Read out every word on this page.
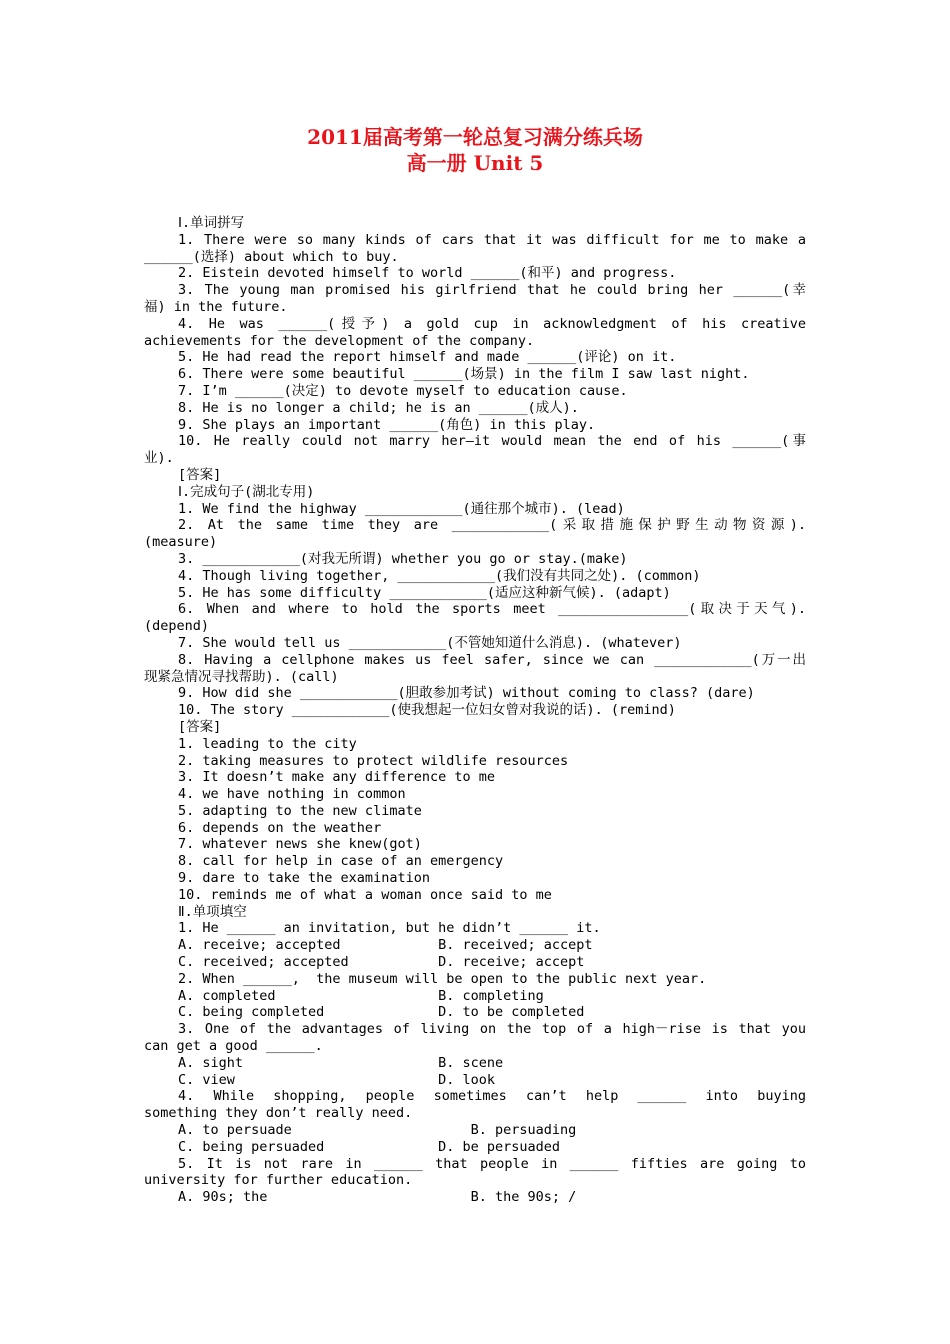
2011届高考第一轮总复习满分练兵场
高一册 Unit 5
Ⅰ.单词拼写
1. There were so many kinds of cars that it was difficult for me to make a
______(选择) about which to buy.
2. Eistein devoted himself to world ______(和平) and progress.
3. The young man promised his girlfriend that he could bring her ______(幸
福) in the future.
4. He was ______(授予) a gold cup in acknowledgment of his creative
achievements for the development of the company.
5. He had read the report himself and made ______(评论) on it.
6. There were some beautiful ______(场景) in the film I saw last night.
7. I’m ______(决定) to devote myself to education cause.
8. He is no longer a child; he is an ______(成人).
9. She plays an important ______(角色) in this play.
10. He really could not marry her—it would mean the end of his ______(事
业).
[答案]
Ⅰ.完成句子(湖北专用)
1. We find the highway ____________(通往那个城市). (lead)
2. At the same time they are ____________(采取措施保护野生动物资源).
(measure)
3. ____________(对我无所谓) whether you go or stay.(make)
4. Though living together, ____________(我们没有共同之处). (common)
5. He has some difficulty ____________(适应这种新气候). (adapt)
6. When and where to hold the sports meet ________________(取决于天气).
(depend)
7. She would tell us ____________(不管她知道什么消息). (whatever)
8. Having a cellphone makes us feel safer, since we can ____________(万一出
现紧急情况寻找帮助). (call)
9. How did she ____________(胆敢参加考试) without coming to class? (dare)
10. The story ____________(使我想起一位妇女曾对我说的话). (remind)
[答案]
1. leading to the city
2. taking measures to protect wildlife resources
3. It doesn’t make any difference to me
4. we have nothing in common
5. adapting to the new climate
6. depends on the weather
7. whatever news she knew(got)
8. call for help in case of an emergency
9. dare to take the examination
10. reminds me of what a woman once said to me
Ⅱ.单项填空
1. He ______ an invitation, but he didn’t ______ it.
A. receive; accepted            B. received; accept
C. received; accepted           D. receive; accept
2. When ______,  the museum will be open to the public next year.
A. completed                    B. completing
C. being completed              D. to be completed
3. One of the advantages of living on the top of a high－rise is that you
can get a good ______.
A. sight                        B. scene
C. view                         D. look
4. While shopping, people sometimes can’t help ______ into buying
something they don’t really need.
A. to persuade                      B. persuading
C. being persuaded              D. be persuaded
5. It is not rare in ______ that people in ______ fifties are going to
university for further education.
A. 90s; the                         B. the 90s; /
